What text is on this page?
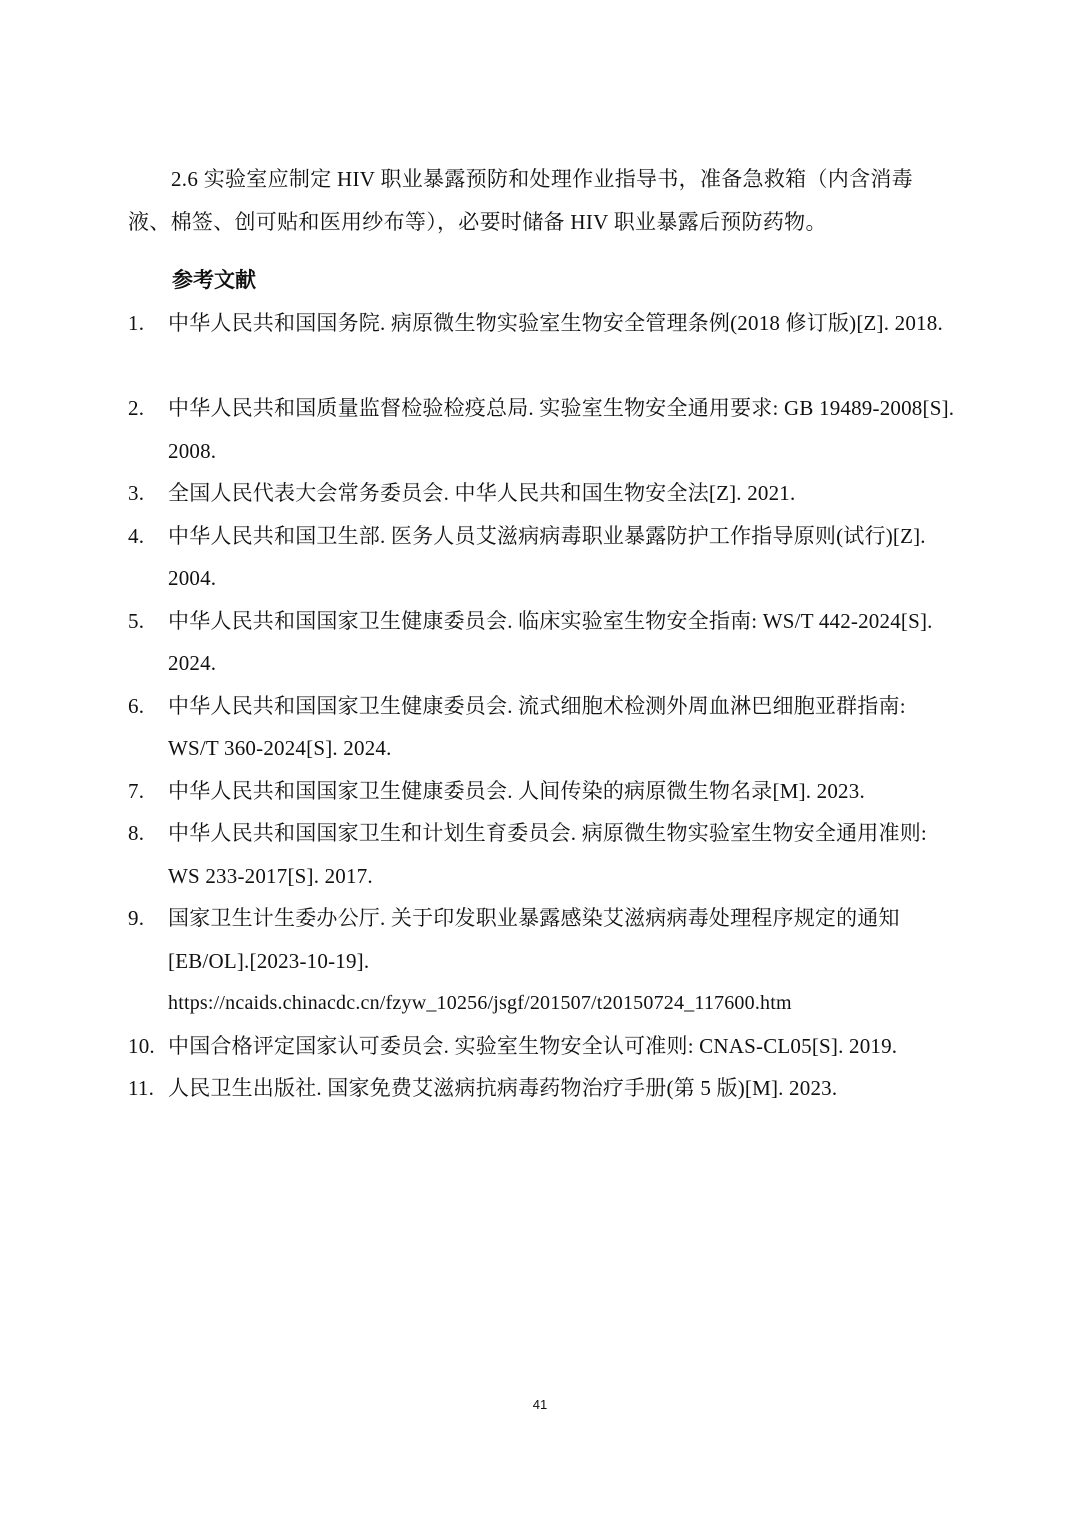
2.6 实验室应制定 HIV 职业暴露预防和处理作业指导书，准备急救箱（内含消毒液、棉签、创可贴和医用纱布等），必要时储备 HIV 职业暴露后预防药物。

参考文献
1. 中华人民共和国国务院. 病原微生物实验室生物安全管理条例(2018 修订版)[Z]. 2018.
2. 中华人民共和国质量监督检验检疫总局. 实验室生物安全通用要求: GB 19489-2008[S]. 2008.
3. 全国人民代表大会常务委员会. 中华人民共和国生物安全法[Z]. 2021.
4. 中华人民共和国卫生部. 医务人员艾滋病病毒职业暴露防护工作指导原则(试行)[Z]. 2004.
5. 中华人民共和国国家卫生健康委员会. 临床实验室生物安全指南: WS/T 442-2024[S]. 2024.
6. 中华人民共和国国家卫生健康委员会. 流式细胞术检测外周血淋巴细胞亚群指南: WS/T 360-2024[S]. 2024.
7. 中华人民共和国国家卫生健康委员会. 人间传染的病原微生物名录[M]. 2023.
8. 中华人民共和国国家卫生和计划生育委员会. 病原微生物实验室生物安全通用准则: WS 233-2017[S]. 2017.
9. 国家卫生计生委办公厅. 关于印发职业暴露感染艾滋病病毒处理程序规定的通知 [EB/OL].[2023-10-19].
https://ncaids.chinacdc.cn/fzyw_10256/jsgf/201507/t20150724_117600.htm
10. 中国合格评定国家认可委员会. 实验室生物安全认可准则: CNAS-CL05[S]. 2019.
11. 人民卫生出版社. 国家免费艾滋病抗病毒药物治疗手册(第 5 版)[M]. 2023.
41
